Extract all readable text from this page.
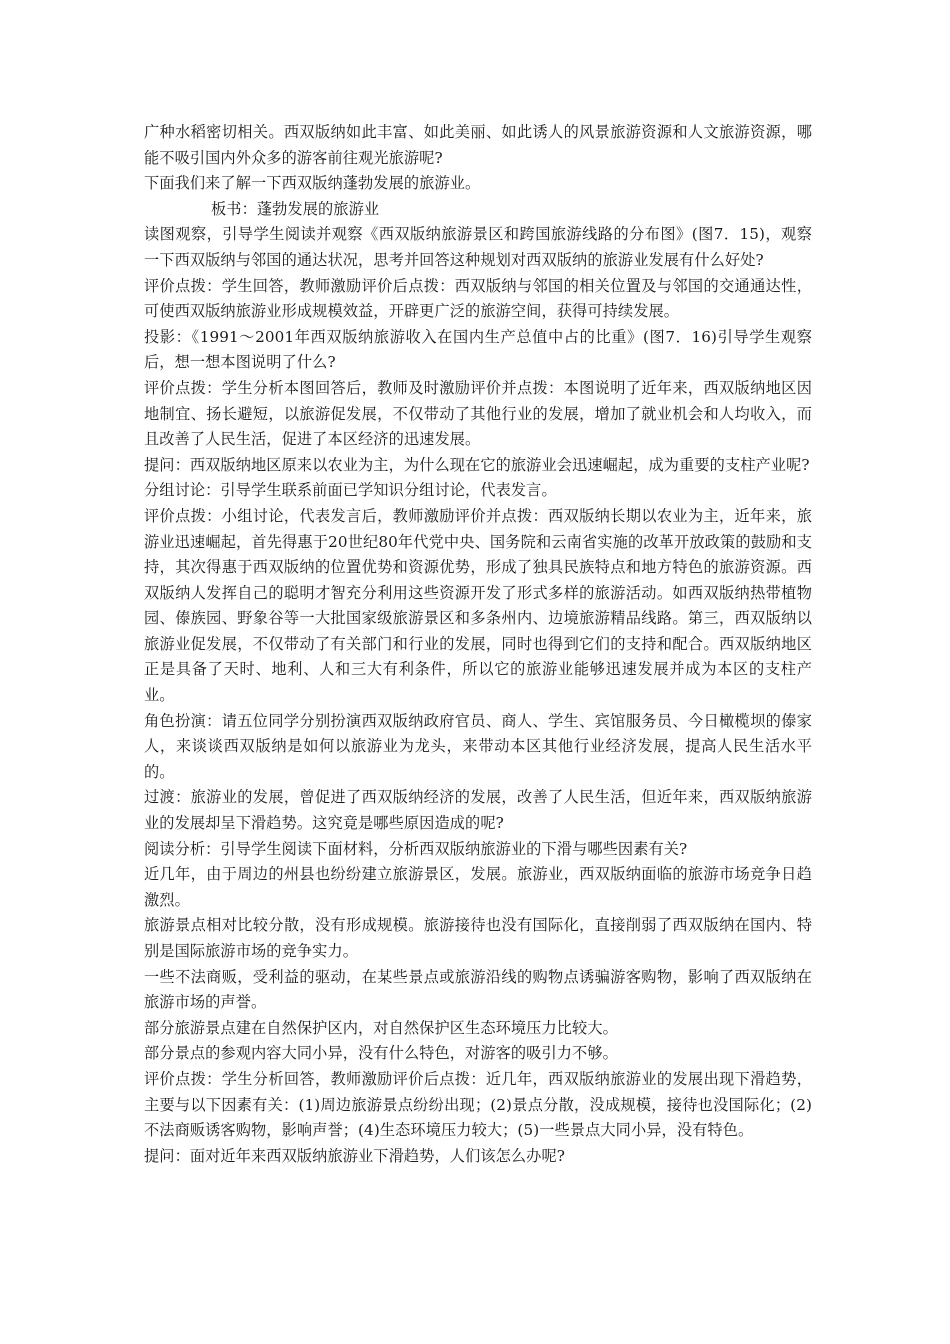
广种水稻密切相关。西双版纳如此丰富、如此美丽、如此诱人的风景旅游资源和人文旅游资源，哪能不吸引国内外众多的游客前往观光旅游呢?

下面我们来了解一下西双版纳蓬勃发展的旅游业。

板书：蓬勃发展的旅游业

读图观察，引导学生阅读并观察《西双版纳旅游景区和跨国旅游线路的分布图》(图7．15)，观察一下西双版纳与邻国的通达状况，思考并回答这种规划对西双版纳的旅游业发展有什么好处?

评价点拨：学生回答，教师激励评价后点拨：西双版纳与邻国的相关位置及与邻国的交通通达性，可使西双版纳旅游业形成规模效益，开辟更广泛的旅游空间，获得可持续发展。

投影：《1991～2001年西双版纳旅游收入在国内生产总值中占的比重》(图7．16)引导学生观察后，想一想本图说明了什么?

评价点拨：学生分析本图回答后，教师及时激励评价并点拨：本图说明了近年来，西双版纳地区因地制宜、扬长避短，以旅游促发展，不仅带动了其他行业的发展，增加了就业机会和人均收入，而且改善了人民生活，促进了本区经济的迅速发展。

提问：西双版纳地区原来以农业为主，为什么现在它的旅游业会迅速崛起，成为重要的支柱产业呢?

分组讨论：引导学生联系前面已学知识分组讨论，代表发言。

评价点拨：小组讨论，代表发言后，教师激励评价并点拨：西双版纳长期以农业为主，近年来，旅游业迅速崛起，首先得惠于20世纪80年代党中央、国务院和云南省实施的改革开放政策的鼓励和支持，其次得惠于西双版纳的位置优势和资源优势，形成了独具民族特点和地方特色的旅游资源。西双版纳人发挥自己的聪明才智充分利用这些资源开发了形式多样的旅游活动。如西双版纳热带植物园、傣族园、野象谷等一大批国家级旅游景区和多条州内、边境旅游精品线路。第三，西双版纳以旅游业促发展，不仅带动了有关部门和行业的发展，同时也得到它们的支持和配合。西双版纳地区正是具备了天时、地利、人和三大有利条件，所以它的旅游业能够迅速发展并成为本区的支柱产业。

角色扮演：请五位同学分别扮演西双版纳政府官员、商人、学生、宾馆服务员、今日橄榄坝的傣家人，来谈谈西双版纳是如何以旅游业为龙头，来带动本区其他行业经济发展，提高人民生活水平的。

过渡：旅游业的发展，曾促进了西双版纳经济的发展，改善了人民生活，但近年来，西双版纳旅游业的发展却呈下滑趋势。这究竟是哪些原因造成的呢?

阅读分析：引导学生阅读下面材料，分析西双版纳旅游业的下滑与哪些因素有关?

近几年，由于周边的州县也纷纷建立旅游景区，发展。旅游业，西双版纳面临的旅游市场竞争日趋激烈。

旅游景点相对比较分散，没有形成规模。旅游接待也没有国际化，直接削弱了西双版纳在国内、特别是国际旅游市场的竞争实力。

一些不法商贩，受利益的驱动，在某些景点或旅游沿线的购物点诱骗游客购物，影响了西双版纳在旅游市场的声誉。

部分旅游景点建在自然保护区内，对自然保护区生态环境压力比较大。

部分景点的参观内容大同小异，没有什么特色，对游客的吸引力不够。

评价点拨：学生分析回答，教师激励评价后点拨：近几年，西双版纳旅游业的发展出现下滑趋势，主要与以下因素有关：(1)周边旅游景点纷纷出现；(2)景点分散，没成规模，接待也没国际化；(2)不法商贩诱客购物，影响声誉；(4)生态环境压力较大；(5)一些景点大同小异，没有特色。

提问：面对近年来西双版纳旅游业下滑趋势，人们该怎么办呢?
